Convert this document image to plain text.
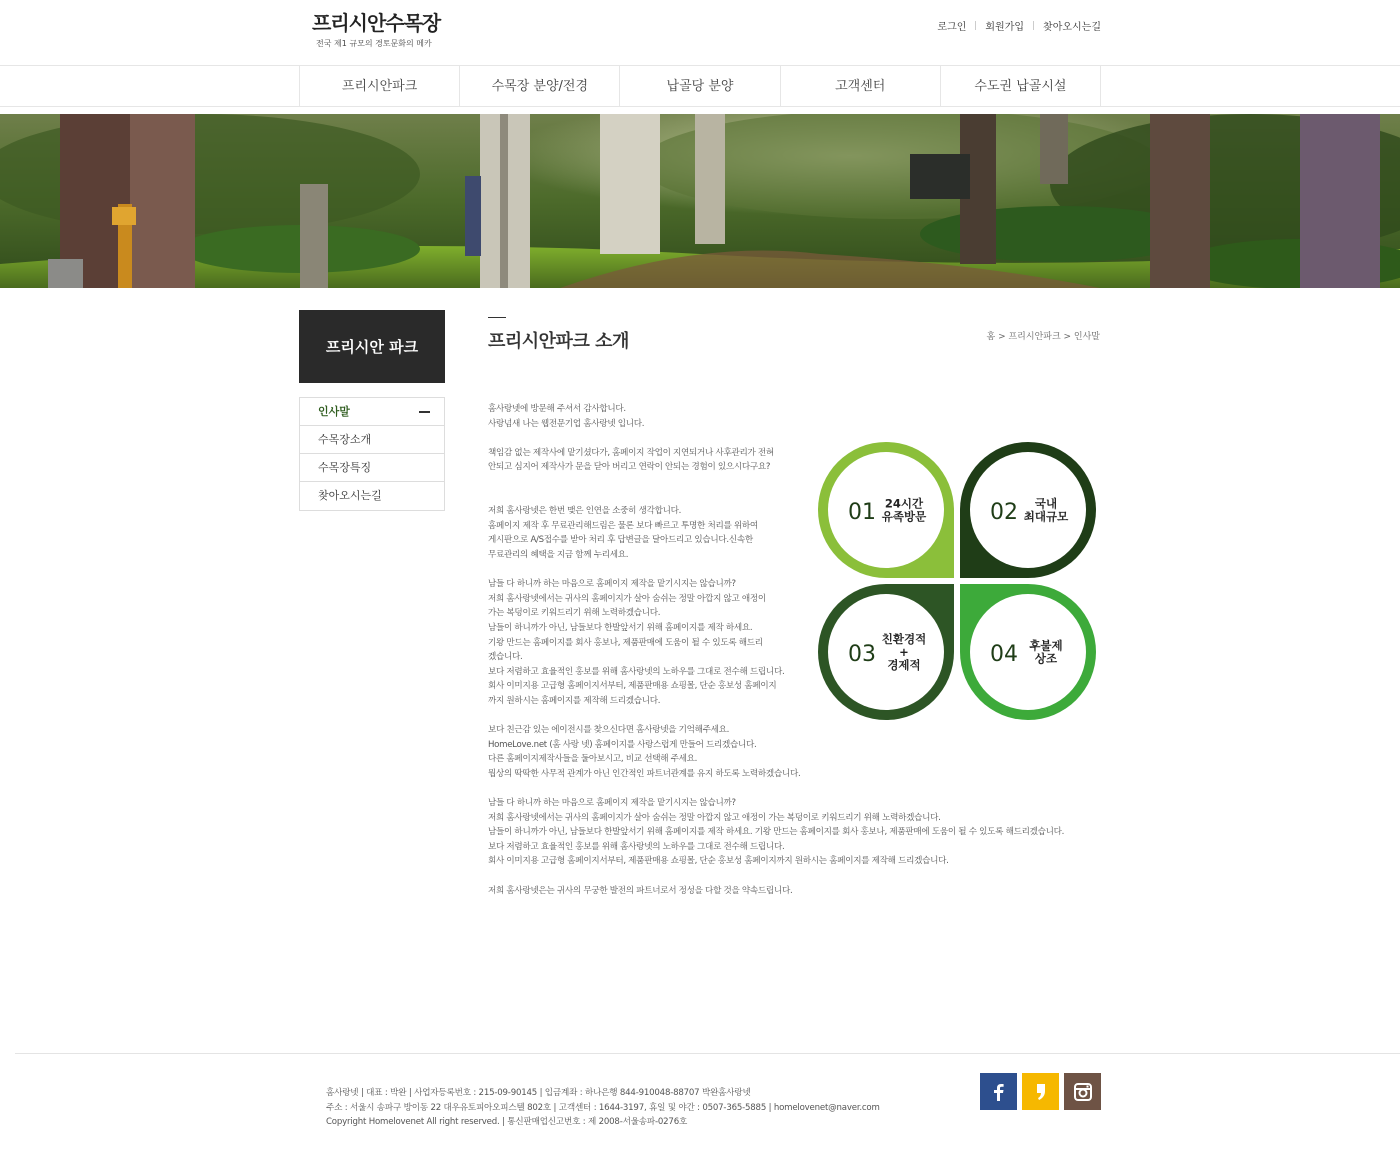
프리시안수목장
전국 제1 규모의 경토문화의 메카
로그인 회원가입 찾아오시는길
프리시안파크	수목장 분양/전경	납골당 분양	고객센터	수도권 납골시설
프리시안 파크
인사말
수목장소개
수목장특징
찾아오시는길
프리시안파크 소개	홈 > 프리시안파크 > 인사말
홈사랑넷에 방문해 주셔서 감사합니다.
사랑넘새 나는 웹전문기업 홈사랑넷 입니다.
책임감 없는 제작사에 맡기셨다가, 홈페이지 작업이 지연되거나 사후관리가 전혀
안되고 심지어 제작사가 문을 닫아 버리고 연락이 안되는 경험이 있으시다구요?

저희 홈사랑넷은 한번 맺은 인연을 소중히 생각합니다.
홈페이지 제작 후 무료관리해드림은 물론 보다 빠르고 투명한 처리를 위하여
게시판으로 A/S접수를 받아 처리 후 답변글을 달아드리고 있습니다.신속한
무료관리의 혜택을 지금 함께 누리세요.
남들 다 하니까 하는 마음으로 홈페이지 제작을 맡기시지는 않습니까?
저희 홈사랑넷에서는 귀사의 홈페이지가 살아 숨쉬는 정말 아깝지 않고 애정이
가는 복덩이로 키워드리기 위해 노력하겠습니다.
남들이 하니까가 아닌, 남들보다 한발앞서기 위해 홈페이지를 제작 하세요.
기왕 만드는 홈페이지를 회사 홍보나, 제품판매에 도움이 될 수 있도록 해드리
겠습니다.
보다 저렴하고 효율적인 홍보를 위해 홈사랑넷의 노하우를 그대로 전수해 드립니다.
회사 이미지용 고급형 홈페이지서부터, 제품판매용 쇼핑몰, 단순 홍보성 홈페이지
까지 원하시는 홈페이지를 제작해 드리겠습니다.
보다 친근감 있는 에이전시를 찾으신다면 홈사랑넷을 기억해주세요.
HomeLove.net (홈 사랑 넷) 홈페이지를 사랑스럽게 만들어 드리겠습니다.
다른 홈페이지제작사들을 둘아보시고, 비교 선택해 주세요.
뭡상의 딱딱한 사무적 관계가 아닌 인간적인 파트너관계를 유지 하도록 노력하겠습니다.
남들 다 하니까 하는 마음으로 홈페이지 제작을 맡기시지는 않습니까?
저희 홈사랑넷에서는 귀사의 홈페이지가 살아 숨쉬는 정말 아깝지 않고 애정이 가는 복덩이로 키워드리기 위해 노력하겠습니다.
남들이 하니까가 아닌, 남들보다 한발앞서기 위해 홈페이지를 제작 하세요. 기왕 만드는 홈페이지를 회사 홍보나, 제품판매에 도움이 될 수 있도록 해드리겠습니다.
보다 저렴하고 효율적인 홍보를 위해 홈사랑넷의 노하우를 그대로 전수해 드립니다.
회사 이미지용 고급형 홈페이지서부터, 제품판매용 쇼핑몰, 단순 홍보성 홈페이지까지 원하시는 홈페이지를 제작해 드리겠습니다.
저희 홈사랑넷은는 귀사의 무궁한 발전의 파트너로서 정성을 다할 것을 약속드립니다.
01 24시간
유족방문	02 국내
최대규모
03
친환경적
+
경제적	04 후불제
상조
홈사랑넷 | 대표 : 박완 | 사업자등록번호 : 215-09-90145 | 입금계좌 : 하나은행 844-910048-88707 박완홈사랑넷
주소 : 서울시 송파구 방이동 22 대우유토피아오피스텔 802호 | 고객센터 : 1644-3197, 휴일 및 야간 : 0507-365-5885 | homelovenet@naver.com
Copyright Homelovenet All right reserved. | 통신판매업신고번호 : 제 2008-서울송파-0276호
